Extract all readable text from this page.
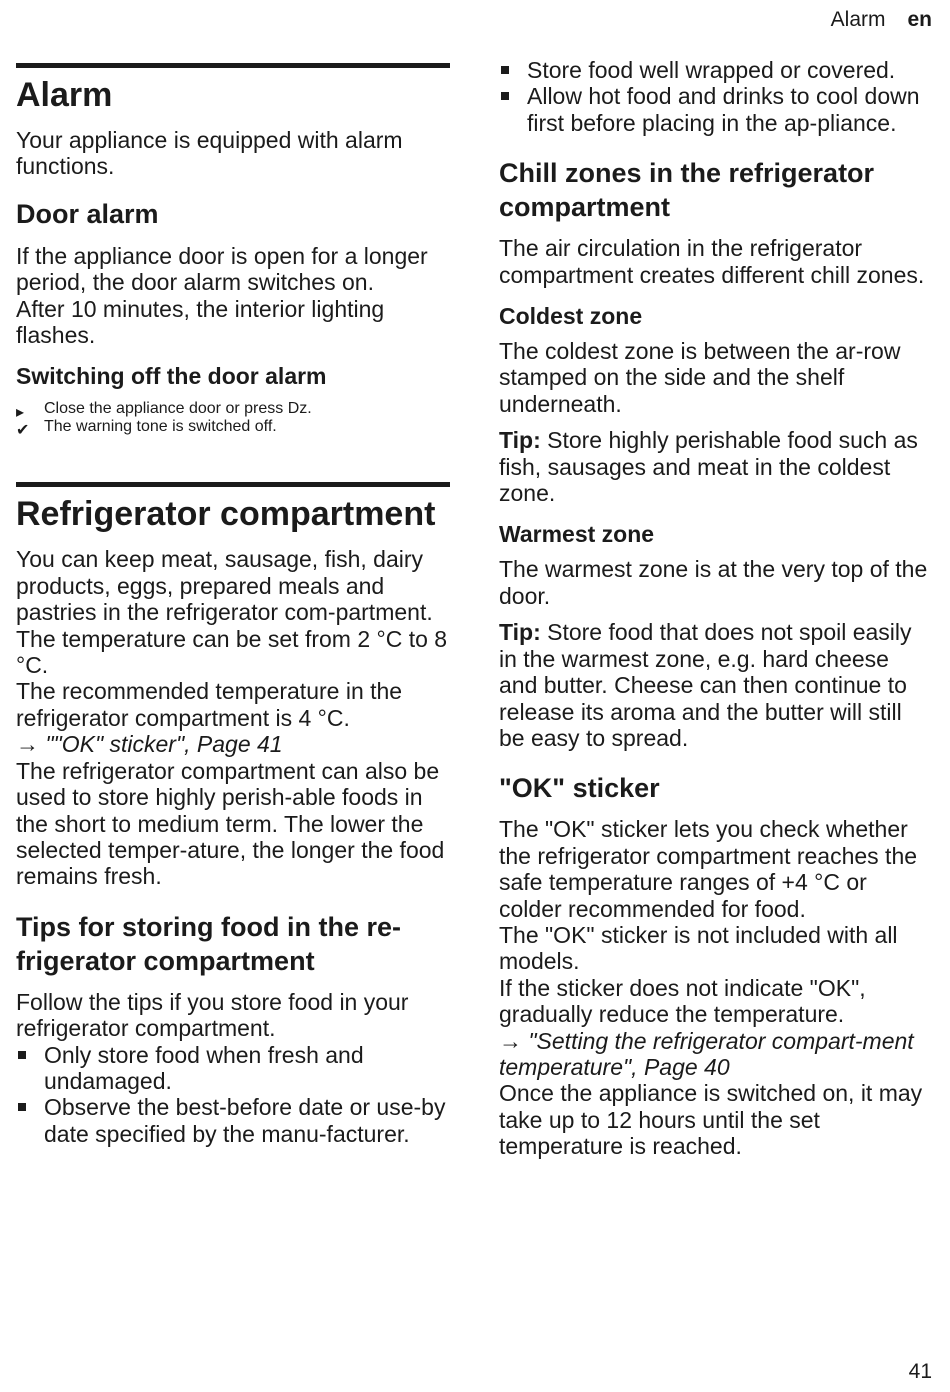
Alarm en
Alarm

Your appliance is equipped with alarm functions.

Door alarm

If the appliance door is open for a longer period, the door alarm switches on.

After 10 minutes, the interior lighting flashes.

Switching off the door alarm
▸ Close the appliance door or press ǲ.
✔ The warning tone is switched off.
Refrigerator compartment

You can keep meat, sausage, fish, dairy products, eggs, prepared meals and pastries in the refrigerator com-partment.

The temperature can be set from 2 °C to 8 °C.

The recommended temperature in the refrigerator compartment is 4 °C.

→ ""OK" sticker", Page 41

The refrigerator compartment can also be used to store highly perish-able foods in the short to medium term. The lower the selected temper-ature, the longer the food remains fresh.

Tips for storing food in the re-frigerator compartment

Follow the tips if you store food in your refrigerator compartment.

Only store food when fresh and undamaged.
Observe the best-before date or use-by date specified by the manu-facturer.
Store food well wrapped or covered.
Allow hot food and drinks to cool down first before placing in the ap-pliance.
Chill zones in the refrigerator compartment

The air circulation in the refrigerator compartment creates different chill zones.

Coldest zone

The coldest zone is between the ar-row stamped on the side and the shelf underneath.

Tip: Store highly perishable food such as fish, sausages and meat in the coldest zone.

Warmest zone

The warmest zone is at the very top of the door.

Tip: Store food that does not spoil easily in the warmest zone, e.g. hard cheese and butter. Cheese can then continue to release its aroma and the butter will still be easy to spread.

"OK" sticker

The "OK" sticker lets you check whether the refrigerator compartment reaches the safe temperature ranges of +4 °C or colder recommended for food.

The "OK" sticker is not included with all models.

If the sticker does not indicate "OK", gradually reduce the temperature.

→ "Setting the refrigerator compart-ment temperature", Page 40

Once the appliance is switched on, it may take up to 12 hours until the set temperature is reached.

41
